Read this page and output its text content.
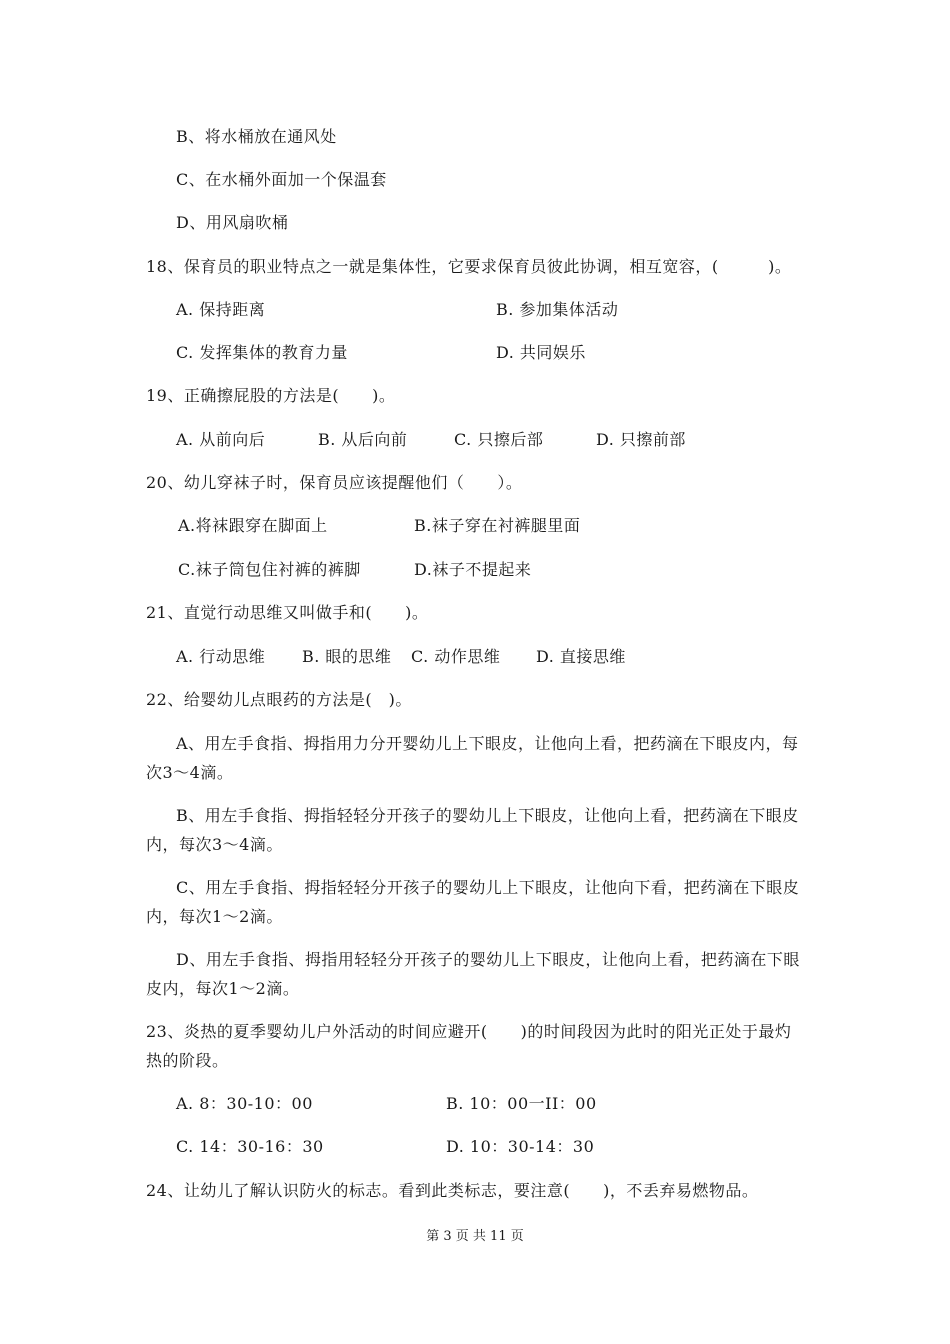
B、将水桶放在通风处
C、在水桶外面加一个保温套
D、用风扇吹桶
18、保育员的职业特点之一就是集体性，它要求保育员彼此协调，相互宽容，(　　　)。
A. 保持距离	B. 参加集体活动
C. 发挥集体的教育力量	D. 共同娱乐
19、正确擦屁股的方法是(　　)。
A. 从前向后	B. 从后向前	C. 只擦后部	D. 只擦前部
20、幼儿穿袜子时，保育员应该提醒他们（　　）。
A.将袜跟穿在脚面上	B.袜子穿在衬裤腿里面
C.袜子筒包住衬裤的裤脚	D.袜子不提起来
21、直觉行动思维又叫做手和(　　)。
A. 行动思维 B. 眼的思维 C. 动作思维 D. 直接思维
22、给婴幼儿点眼药的方法是(　)。
A、用左手食指、拇指用力分开婴幼儿上下眼皮，让他向上看，把药滴在下眼皮内，每
次3～4滴。
B、用左手食指、拇指轻轻分开孩子的婴幼儿上下眼皮，让他向上看，把药滴在下眼皮
内，每次3～4滴。
C、用左手食指、拇指轻轻分开孩子的婴幼儿上下眼皮，让他向下看，把药滴在下眼皮
内，每次1～2滴。
D、用左手食指、拇指用轻轻分开孩子的婴幼儿上下眼皮，让他向上看，把药滴在下眼
皮内，每次1～2滴。
23、炎热的夏季婴幼儿户外活动的时间应避开(　　)的时间段因为此时的阳光正处于最灼
热的阶段。
A. 8：30-10：00	B. 10：00一II：00
C. 14：30-16：30	D. 10：30-14：30
24、让幼儿了解认识防火的标志。看到此类标志，要注意(　　)，不丢弃易燃物品。
第 3 页 共 11 页
